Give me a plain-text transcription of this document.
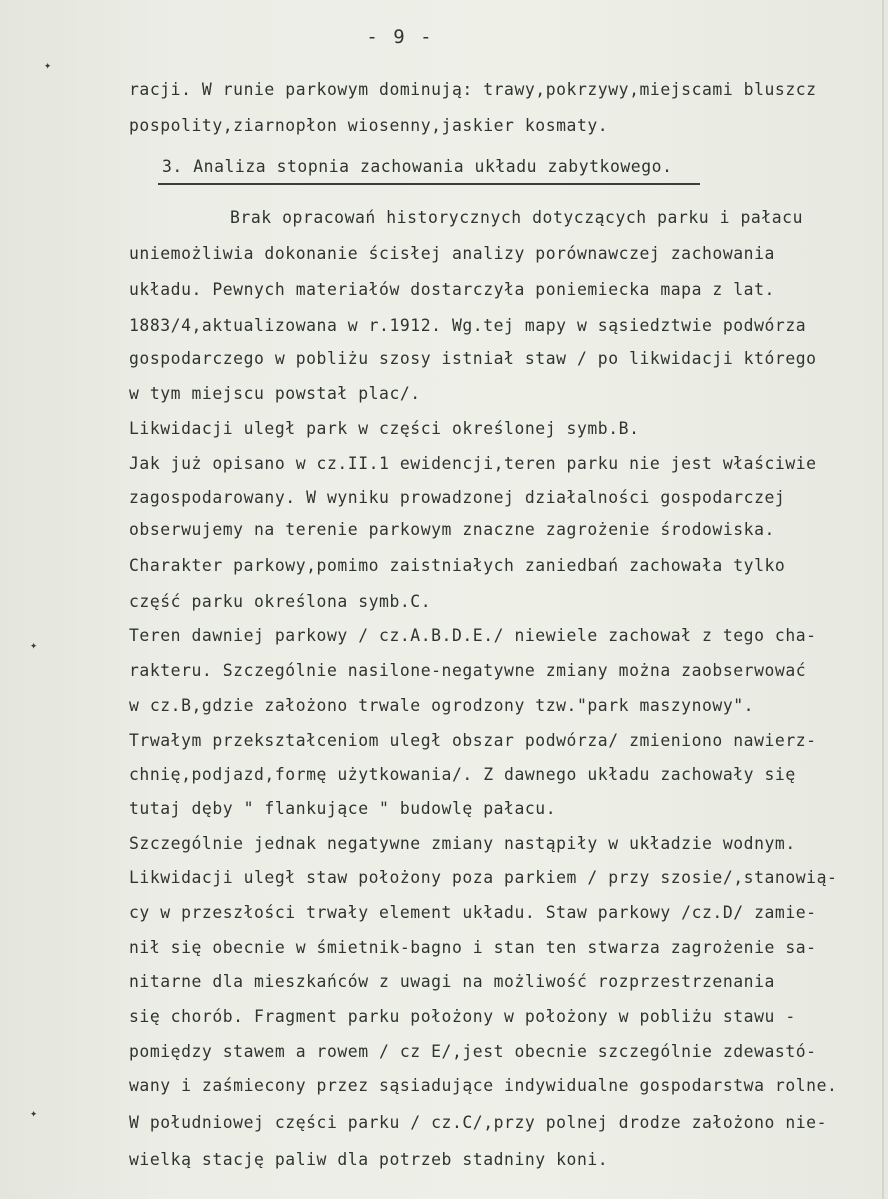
- 9 -
racji. W runie parkowym dominują: trawy,pokrzywy,miejscami bluszcz
pospolity,ziarnopłon wiosenny,jaskier kosmaty.
3. Analiza stopnia zachowania układu zabytkowego.
Brak opracowań historycznych dotyczących parku i pałacu
uniemożliwia dokonanie ścisłej analizy porównawczej zachowania
układu. Pewnych materiałów dostarczyła poniemiecka mapa z lat.
1883/4,aktualizowana w r.1912. Wg.tej mapy w sąsiedztwie podwórza
gospodarczego w pobliżu szosy istniał staw / po likwidacji którego
w tym miejscu powstał plac/.
Likwidacji uległ park w części określonej symb.B.
Jak już opisano w cz.II.1 ewidencji,teren parku nie jest właściwie
zagospodarowany. W wyniku prowadzonej działalności gospodarczej
obserwujemy na terenie parkowym znaczne zagrożenie środowiska.
Charakter parkowy,pomimo zaistniałych zaniedbań zachowała tylko
część parku określona symb.C.
Teren dawniej parkowy / cz.A.B.D.E./ niewiele zachował z tego cha-
rakteru. Szczególnie nasilone-negatywne zmiany można zaobserwować
w cz.B,gdzie założono trwale ogrodzony tzw."park maszynowy".
Trwałym przekształceniom uległ obszar podwórza/ zmieniono nawierz-
chnię,podjazd,formę użytkowania/. Z dawnego układu zachowały się
tutaj dęby " flankujące " budowlę pałacu.
Szczególnie jednak negatywne zmiany nastąpiły w układzie wodnym.
Likwidacji uległ staw położony poza parkiem / przy szosie/,stanowią-
cy w przeszłości trwały element układu. Staw parkowy /cz.D/ zamie-
nił się obecnie w śmietnik-bagno i stan ten stwarza zagrożenie sa-
nitarne dla mieszkańców z uwagi na możliwość rozprzestrzenania
się chorób. Fragment parku położony w położony w pobliżu stawu -
pomiędzy stawem a rowem / cz E/,jest obecnie szczególnie zdewastó-
wany i zaśmiecony przez sąsiadujące indywidualne gospodarstwa rolne.
W południowej części parku / cz.C/,przy polnej drodze założono nie-
wielką stację paliw dla potrzeb stadniny koni.
✦
✦
✦
